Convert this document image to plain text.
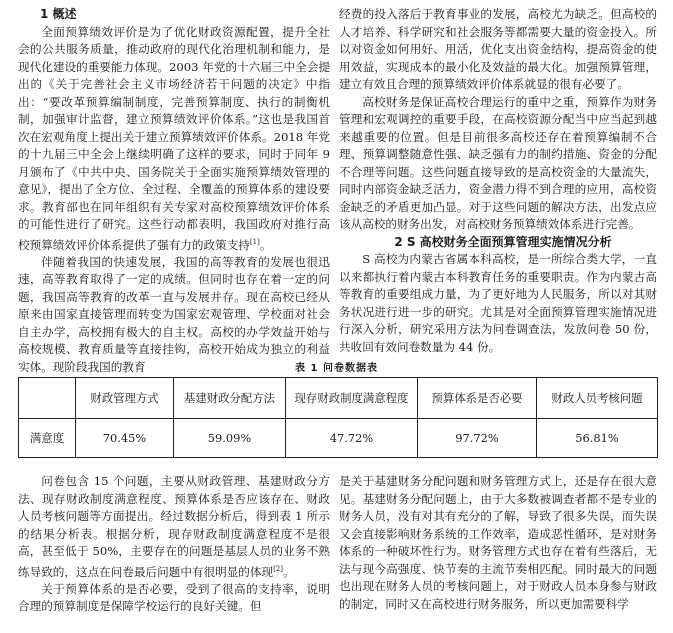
1 概述

全面预算绩效评价是为了优化财政资源配置，提升全社会的公共服务质量，推动政府的现代化治理机制和能力，是现代化建设的重要能力体现。2003 年党的十六届三中全会提出的《关于完善社会主义市场经济若干问题的决定》中指出：“要改革预算编制制度，完善预算制度、执行的制衡机制，加强审计监督，建立预算绩效评价体系。”这也是我国首次在宏观角度上提出关于建立预算绩效评价体系。2018 年党的十九届三中全会上继续明确了这样的要求，同时于同年 9 月颁布了《中共中央、国务院关于全面实施预算绩效管理的意见》，提出了全方位、全过程、全覆盖的预算体系的建设要求。教育部也在同年组织有关专家对高校预算绩效评价体系的可能性进行了研究。这些行动都表明，我国政府对推行高校预算绩效评价体系提供了强有力的政策支持[1]。

伴随着我国的快速发展，我国的高等教育的发展也很迅速，高等教育取得了一定的成绩。但同时也存在着一定的问题，我国高等教育的改革一直与发展并存。现在高校已经从原来由国家直接管理而转变为国家宏观管理、学校面对社会自主办学，高校拥有极大的自主权。高校的办学效益开始与高校规模、教育质量等直接挂钩，高校开始成为独立的利益实体。现阶段我国的教育

经费的投入落后于教育事业的发展，高校尤为缺乏。但高校的人才培养、科学研究和社会服务等都需要大量的资金投入。所以对资金如何用好、用活，优化支出资金结构，提高资金的使用效益，实现成本的最小化及效益的最大化。加强预算管理，建立有效且合理的预算绩效评价体系就显的很有必要了。

高校财务是保证高校合理运行的重中之重，预算作为财务管理和宏观调控的重要手段，在高校资源分配当中应当起到越来越重要的位置。但是目前很多高校还存在着预算编制不合理、预算调整随意性强、缺乏强有力的制约措施、资金的分配不合理等问题。这些问题直接导致的是高校资金的大量流失，同时内部资金缺乏活力，资金潜力得不到合理的应用，高校资金缺乏的矛盾更加凸显。对于这些问题的解决方法，出发点应该从高校的财务出发，对高校财务预算绩效体系进行完善。

2 S 高校财务全面预算管理实施情况分析

S 高校为内蒙古省属本科高校，是一所综合类大学，一直以来都执行着内蒙古本科教育任务的重要职责。作为内蒙古高等教育的重要组成力量，为了更好地为人民服务，所以对其财务状况进行进一步的研究。尤其是对全面预算管理实施情况进行深入分析，研究采用方法为问卷调查法，发放问卷 50 份，共收回有效问卷数量为 44 份。

表 1 问卷数据表
	财政管理方式	基建财政分配方法	现存财政制度满意程度	预算体系是否必要	财政人员考核问题
满意度	70.45%	59.09%	47.72%	97.72%	56.81%

问卷包含 15 个问题，主要从财政管理、基建财政分方法、现存财政制度满意程度、预算体系是否应该存在、财政人员考核问题等方面提出。经过数据分析后，得到表 1 所示的结果分析表。根据分析，现存财政制度满意程度不是很高，甚至低于 50%，主要存在的问题是基层人员的业务不熟练导致的，这点在问卷最后问题中有很明显的体现[2]。

关于预算体系的是否必要，受到了很高的支持率，说明合理的预算制度是保障学校运行的良好关键。但

是关于基建财务分配问题和财务管理方式上，还是存在很大意见。基建财务分配问题上，由于大多数被调查者都不是专业的财务人员，没有对其有充分的了解，导致了很多失误，而失误又会直接影响财务系统的工作效率，造成恶性循环，是对财务体系的一种破坏性行为。财务管理方式也存在着有些落后，无法与现今高强度、快节奏的主流节奏相匹配。同时最大的问题也出现在财务人员的考核问题上，对于财政人员本身参与财政的制定，同时又在高校进行财务服务，所以更加需要科学
